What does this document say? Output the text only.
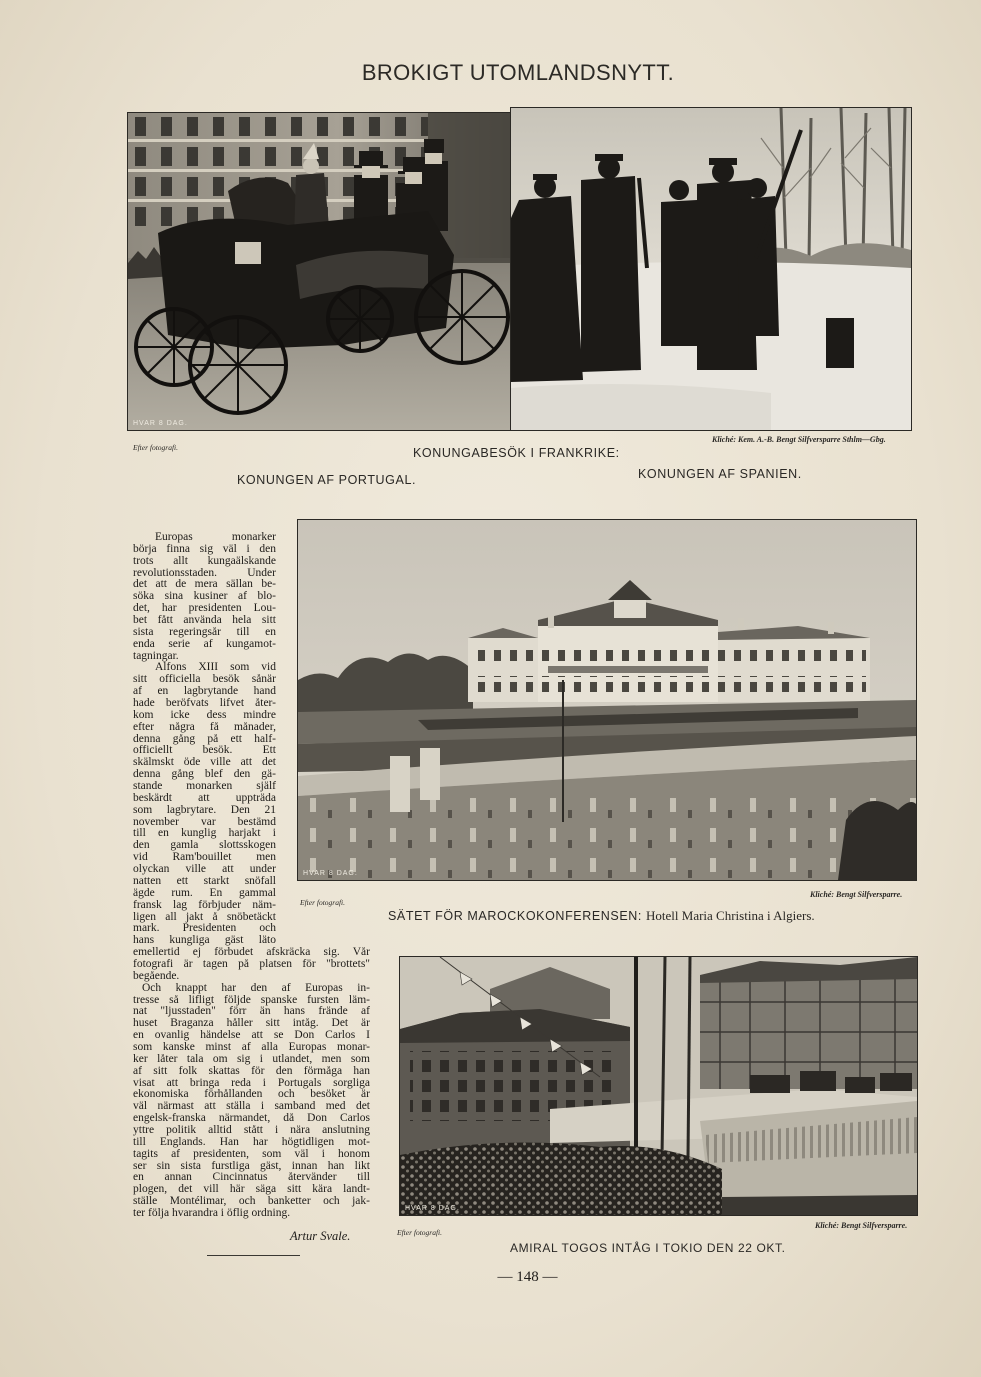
BROKIGT UTOMLANDSNYTT.
HVAR 8 DAG.
Efter fotografi.
Kliché: Kem. A.-B. Bengt Silfversparre Sthlm—Gbg.
KONUNGABESÖK I FRANKRIKE:
KONUNGEN AF PORTUGAL.	KONUNGEN AF SPANIEN.
HVAR 8 DAG.
Efter fotografi.
Kliché: Bengt Silfversparre.
SÄTET FÖR MAROCKOKONFERENSEN: Hotell Maria Christina i Algiers.
HVAR 8 DAG.
Efter fotografi.
Kliché: Bengt Silfversparre.
AMIRAL TOGOS INTÅG I TOKIO DEN 22 OKT.
Europas monarker
börja finna sig väl i den
trots allt kungaälskande
revolutionsstaden. Under
det att de mera sällan be-
söka sina kusiner af blo-
det, har presidenten Lou-
bet fått använda hela sitt
sista regeringsår till en
enda serie af kungamot-
tagningar.
Alfons XIII som vid
sitt officiella besök sånär
af en lagbrytande hand
hade beröfvats lifvet åter-
kom icke dess mindre
efter några få månader,
denna gång på ett half-
officiellt besök. Ett
skälmskt öde ville att det
denna gång blef den gä-
stande monarken själf
beskärdt att uppträda
som lagbrytare. Den 21
november var bestämd
till en kunglig harjakt i
den gamla slottsskogen
vid Ram'bouillet men
olyckan ville att under
natten ett starkt snöfall
ägde rum. En gammal
fransk lag förbjuder näm-
ligen all jakt å snöbetäckt
mark. Presidenten och
hans kungliga gäst läto
emellertid ej förbudet afskräcka sig. Vår
fotografi är tagen på platsen för "brottets"
begående.
Och knappt har den af Europas in-
tresse så lifligt följde spanske fursten läm-
nat "ljusstaden" förr än hans frände af
huset Braganza håller sitt intåg. Det är
en ovanlig händelse att se Don Carlos I
som kanske minst af alla Europas monar-
ker låter tala om sig i utlandet, men som
af sitt folk skattas för den förmåga han
visat att bringa reda i Portugals sorgliga
ekonomiska förhållanden och besöket är
väl närmast att ställa i samband med det
engelsk-franska närmandet, då Don Carlos
yttre politik alltid stått i nära anslutning
till Englands. Han har högtidligen mot-
tagits af presidenten, som väl i honom
ser sin sista furstliga gäst, innan han likt
en annan Cincinnatus återvänder till
plogen, det vill här säga sitt kära landt-
ställe Montélimar, och banketter och jak-
ter följa hvarandra i öflig ordning.
Artur Svale.
— 148 —
